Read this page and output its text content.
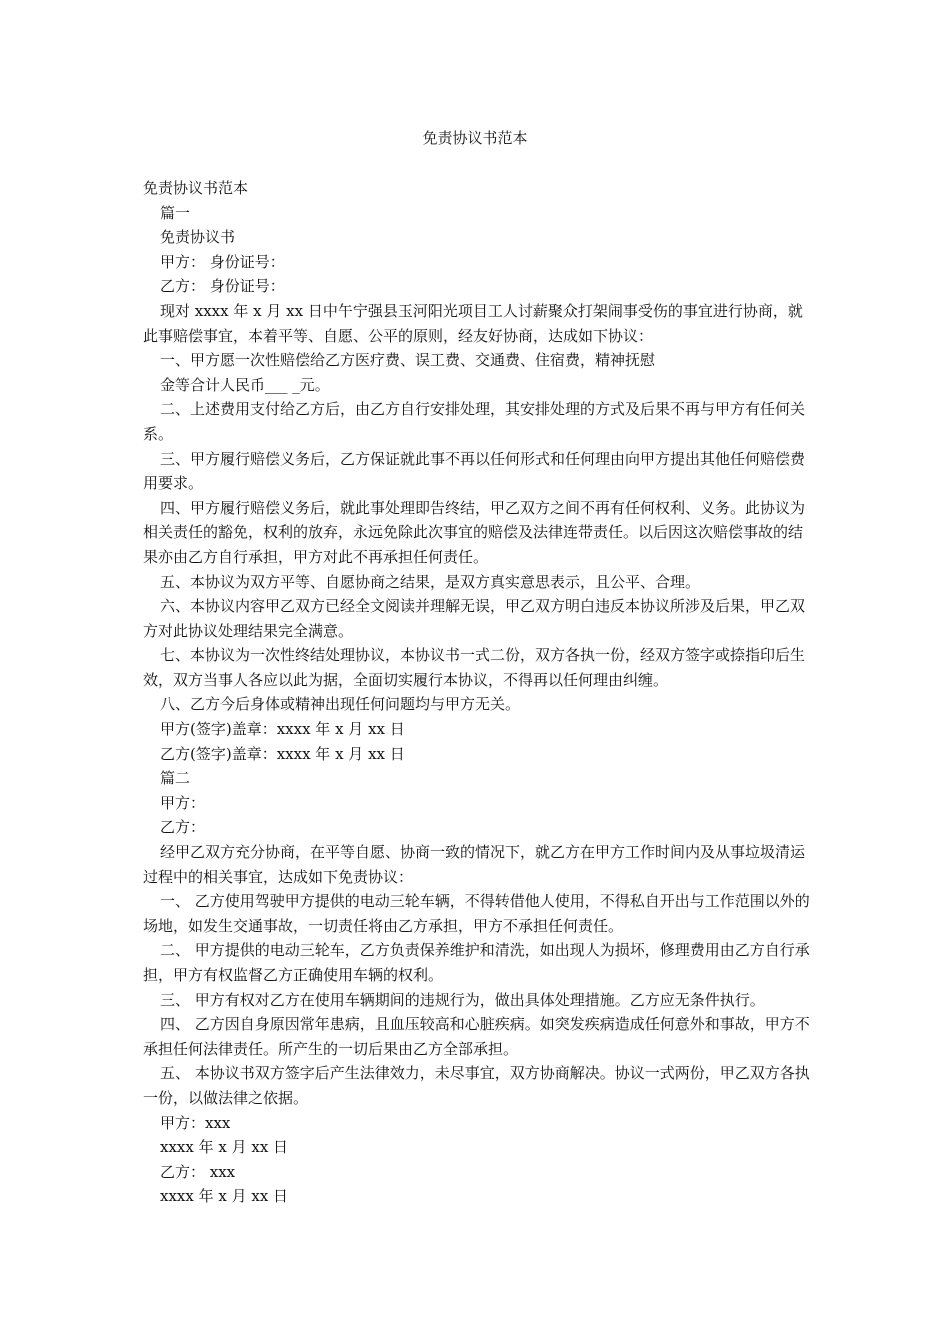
免责协议书范本

免责协议书范本

篇一

免责协议书

甲方： 身份证号：

乙方： 身份证号：

现对 xxxx 年 x 月 xx 日中午宁强县玉河阳光项目工人讨薪聚众打架闹事受伤的事宜进行协商，就此事赔偿事宜，本着平等、自愿、公平的原则，经友好协商，达成如下协议：

一、甲方愿一次性赔偿给乙方医疗费、误工费、交通费、住宿费，精神抚慰

金等合计人民币___ _元。

二、上述费用支付给乙方后，由乙方自行安排处理，其安排处理的方式及后果不再与甲方有任何关系。

三、甲方履行赔偿义务后，乙方保证就此事不再以任何形式和任何理由向甲方提出其他任何赔偿费用要求。

四、甲方履行赔偿义务后，就此事处理即告终结，甲乙双方之间不再有任何权利、义务。此协议为相关责任的豁免，权利的放弃，永远免除此次事宜的赔偿及法律连带责任。以后因这次赔偿事故的结果亦由乙方自行承担，甲方对此不再承担任何责任。

五、本协议为双方平等、自愿协商之结果，是双方真实意思表示，且公平、合理。

六、本协议内容甲乙双方已经全文阅读并理解无误，甲乙双方明白违反本协议所涉及后果，甲乙双方对此协议处理结果完全满意。

七、本协议为一次性终结处理协议，本协议书一式二份，双方各执一份，经双方签字或捺指印后生效，双方当事人各应以此为据，全面切实履行本协议，不得再以任何理由纠缠。

八、乙方今后身体或精神出现任何问题均与甲方无关。

甲方(签字)盖章：xxxx 年 x 月 xx 日

乙方(签字)盖章：xxxx 年 x 月 xx 日

篇二

甲方：

乙方：

经甲乙双方充分协商，在平等自愿、协商一致的情况下，就乙方在甲方工作时间内及从事垃圾清运过程中的相关事宜，达成如下免责协议：

一、 乙方使用驾驶甲方提供的电动三轮车辆，不得转借他人使用，不得私自开出与工作范围以外的场地，如发生交通事故，一切责任将由乙方承担，甲方不承担任何责任。

二、 甲方提供的电动三轮车，乙方负责保养维护和清洗，如出现人为损坏，修理费用由乙方自行承担，甲方有权监督乙方正确使用车辆的权利。

三、 甲方有权对乙方在使用车辆期间的违规行为，做出具体处理措施。乙方应无条件执行。

四、 乙方因自身原因常年患病，且血压较高和心脏疾病。如突发疾病造成任何意外和事故，甲方不承担任何法律责任。所产生的一切后果由乙方全部承担。

五、 本协议书双方签字后产生法律效力，未尽事宜，双方协商解决。协议一式两份，甲乙双方各执一份，以做法律之依据。

甲方：xxx

xxxx 年 x 月 xx 日

乙方： xxx

xxxx 年 x 月 xx 日
